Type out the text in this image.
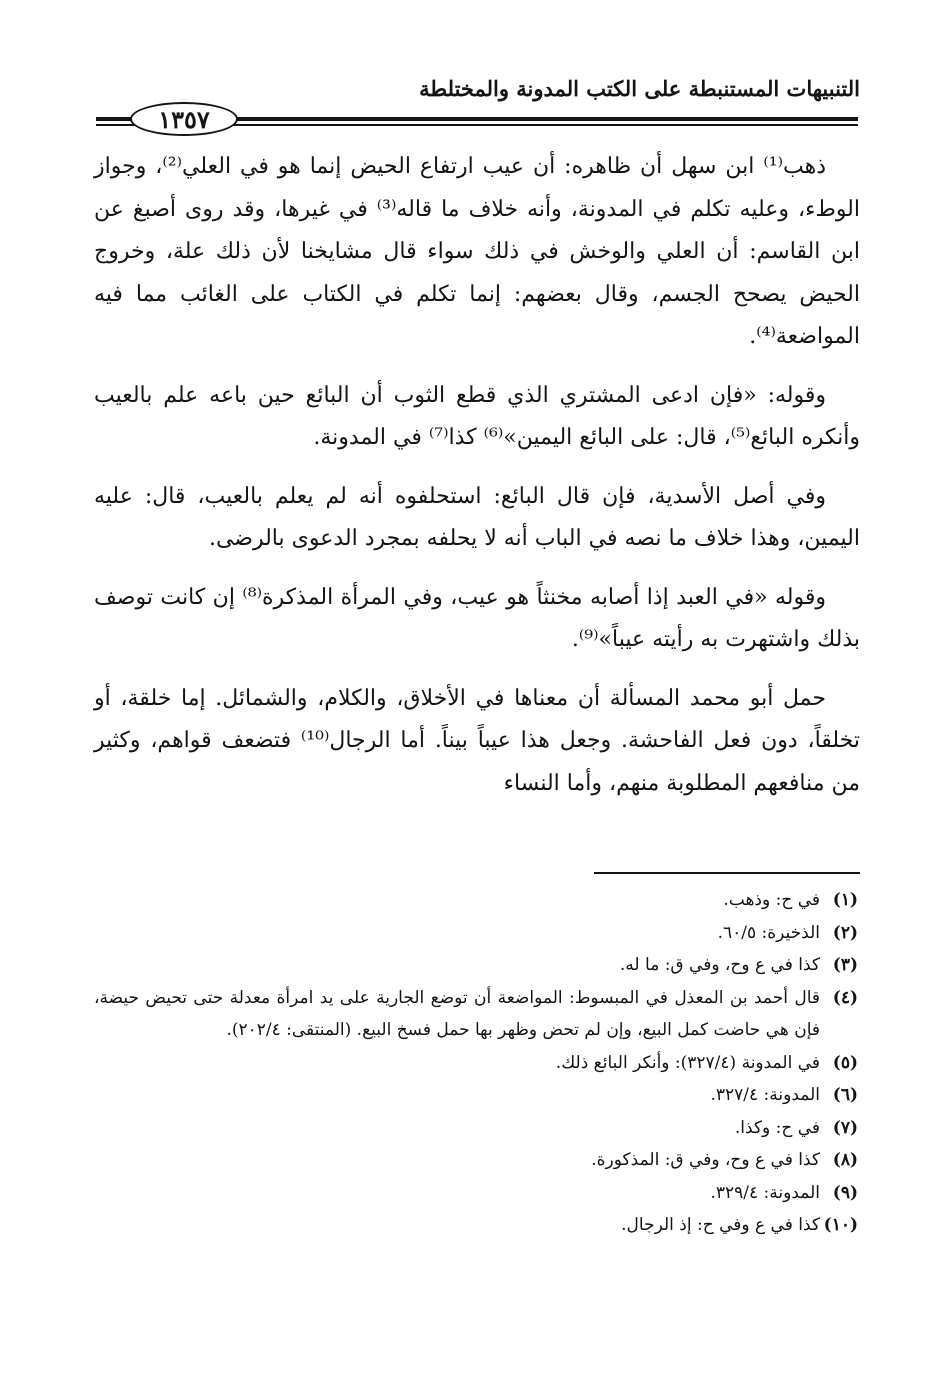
التنبيهات المستنبطة على الكتب المدونة والمختلطة
١٣٥٧

ذهب⁽¹⁾ ابن سهل أن ظاهره: أن عيب ارتفاع الحيض إنما هو في العلي⁽²⁾، وجواز الوطء، وعليه تكلم في المدونة، وأنه خلاف ما قاله⁽³⁾ في غيرها، وقد روى أصبغ عن ابن القاسم: أن العلي والوخش في ذلك سواء قال مشايخنا لأن ذلك علة، وخروج الحيض يصحح الجسم، وقال بعضهم: إنما تكلم في الكتاب على الغائب مما فيه المواضعة⁽⁴⁾.

وقوله: «فإن ادعى المشتري الذي قطع الثوب أن البائع حين باعه علم بالعيب وأنكره البائع⁽⁵⁾، قال: على البائع اليمين»⁽⁶⁾ كذا⁽⁷⁾ في المدونة.

وفي أصل الأسدية، فإن قال البائع: استحلفوه أنه لم يعلم بالعيب، قال: عليه اليمين، وهذا خلاف ما نصه في الباب أنه لا يحلفه بمجرد الدعوى بالرضى.

وقوله «في العبد إذا أصابه مخنثاً هو عيب، وفي المرأة المذكرة⁽⁸⁾ إن كانت توصف بذلك واشتهرت به رأيته عيباً»⁽⁹⁾.

حمل أبو محمد المسألة أن معناها في الأخلاق، والكلام، والشمائل. إما خلقة، أو تخلقاً، دون فعل الفاحشة. وجعل هذا عيباً بيناً. أما الرجال⁽¹⁰⁾ فتضعف قواهم، وكثير من منافعهم المطلوبة منهم، وأما النساء

(١)
في ح: وذهب.
(٢)
الذخيرة: ٦٠/٥.
(٣)
كذا في ع وح، وفي ق: ما له.
(٤)
قال أحمد بن المعذل في المبسوط: المواضعة أن توضع الجارية على يد امرأة معدلة حتى تحيض حيضة، فإن هي حاضت كمل البيع، وإن لم تحض وظهر بها حمل فسخ البيع. (المنتقى: ٢٠٢/٤).
(٥)
في المدونة (٣٢٧/٤): وأنكر البائع ذلك.
(٦)
المدونة: ٣٢٧/٤.
(٧)
في ح: وكذا.
(٨)
كذا في ع وح، وفي ق: المذكورة.
(٩)
المدونة: ٣٢٩/٤.
(١٠)
كذا في ع وفي ح: إذ الرجال.
